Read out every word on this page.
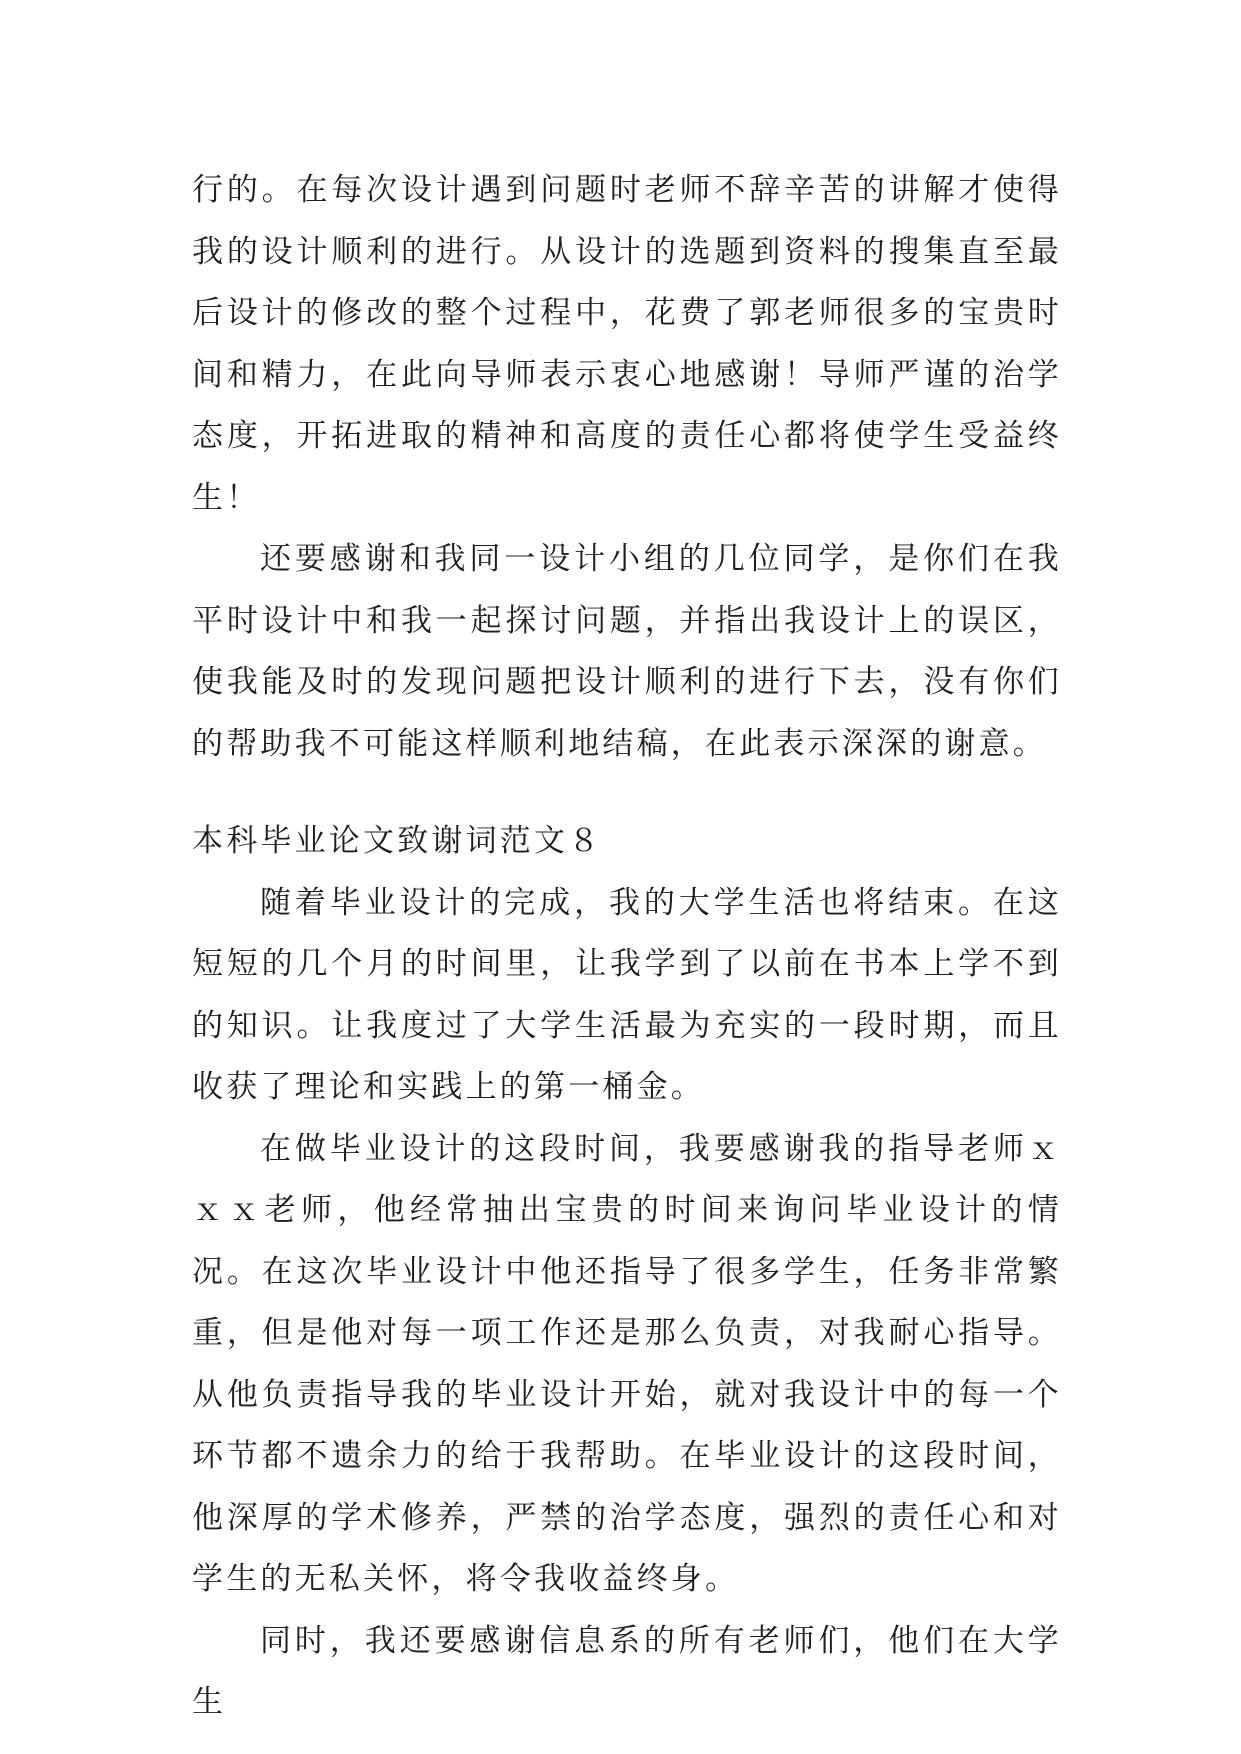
行的。在每次设计遇到问题时老师不辞辛苦的讲解才使得我的设计顺利的进行。从设计的选题到资料的搜集直至最后设计的修改的整个过程中，花费了郭老师很多的宝贵时间和精力，在此向导师表示衷心地感谢！导师严谨的治学态度，开拓进取的精神和高度的责任心都将使学生受益终生！

还要感谢和我同一设计小组的几位同学，是你们在我平时设计中和我一起探讨问题，并指出我设计上的误区，使我能及时的发现问题把设计顺利的进行下去，没有你们的帮助我不可能这样顺利地结稿，在此表示深深的谢意。

本科毕业论文致谢词范文８

随着毕业设计的完成，我的大学生活也将结束。在这短短的几个月的时间里，让我学到了以前在书本上学不到的知识。让我度过了大学生活最为充实的一段时期，而且收获了理论和实践上的第一桶金。

在做毕业设计的这段时间，我要感谢我的指导老师ｘｘｘ老师，他经常抽出宝贵的时间来询问毕业设计的情况。在这次毕业设计中他还指导了很多学生，任务非常繁重，但是他对每一项工作还是那么负责，对我耐心指导。从他负责指导我的毕业设计开始，就对我设计中的每一个环节都不遗余力的给于我帮助。在毕业设计的这段时间，他深厚的学术修养，严禁的治学态度，强烈的责任心和对学生的无私关怀，将令我收益终身。

同时，我还要感谢信息系的所有老师们，他们在大学生
